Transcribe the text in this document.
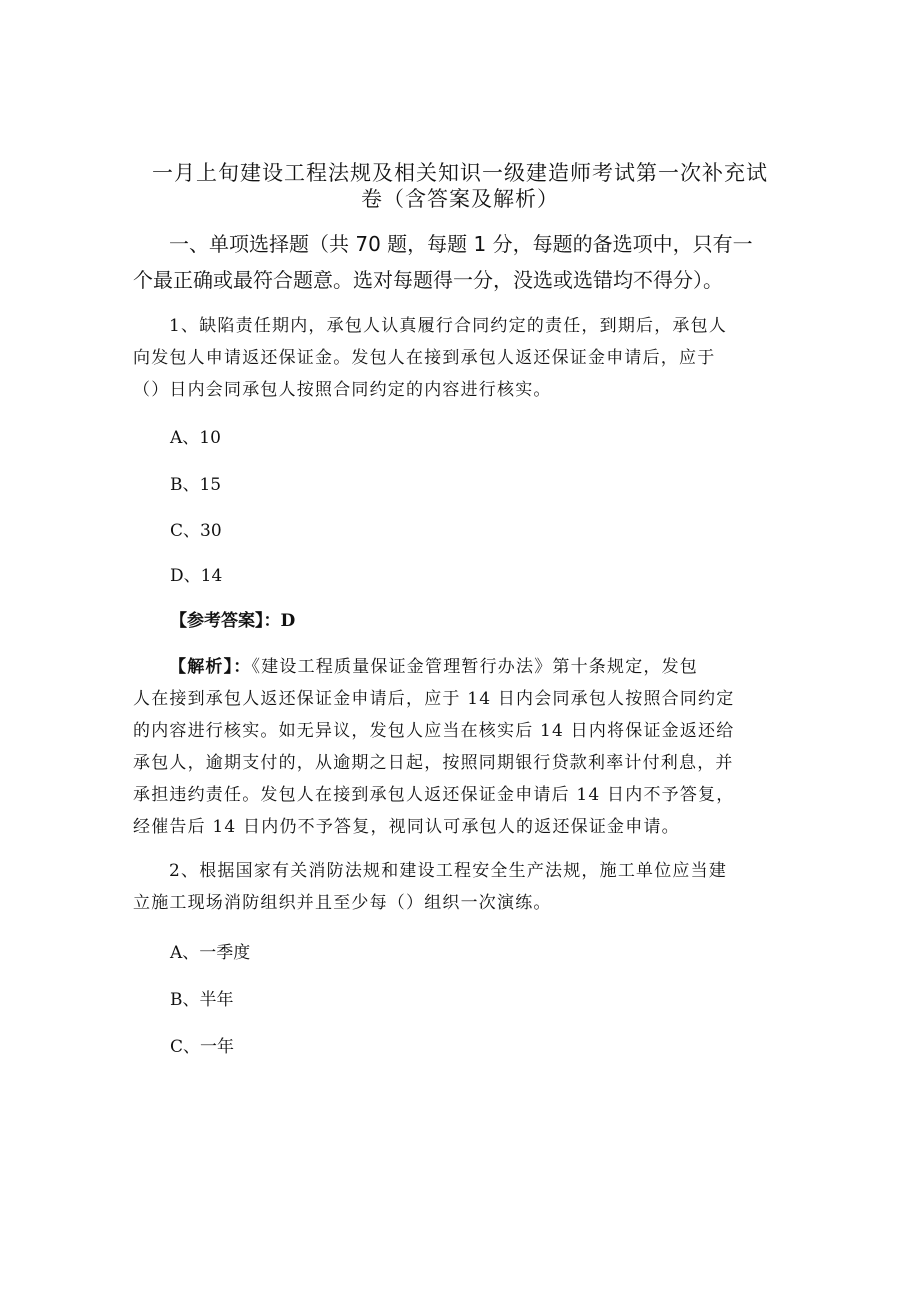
一月上旬建设工程法规及相关知识一级建造师考试第一次补充试
卷（含答案及解析）
一、单项选择题（共 70 题，每题 1 分，每题的备选项中，只有一
个最正确或最符合题意。选对每题得一分，没选或选错均不得分）。
1、缺陷责任期内，承包人认真履行合同约定的责任，到期后，承包人
向发包人申请返还保证金。发包人在接到承包人返还保证金申请后，应于
（）日内会同承包人按照合同约定的内容进行核实。
A、10
B、15
C、30
D、14
【参考答案】：D
【解析】：《建设工程质量保证金管理暂行办法》第十条规定，发包
人在接到承包人返还保证金申请后，应于 14 日内会同承包人按照合同约定
的内容进行核实。如无异议，发包人应当在核实后 14 日内将保证金返还给
承包人，逾期支付的，从逾期之日起，按照同期银行贷款利率计付利息，并
承担违约责任。发包人在接到承包人返还保证金申请后 14 日内不予答复，
经催告后 14 日内仍不予答复，视同认可承包人的返还保证金申请。
2、根据国家有关消防法规和建设工程安全生产法规，施工单位应当建
立施工现场消防组织并且至少每（）组织一次演练。
A、一季度
B、半年
C、一年
